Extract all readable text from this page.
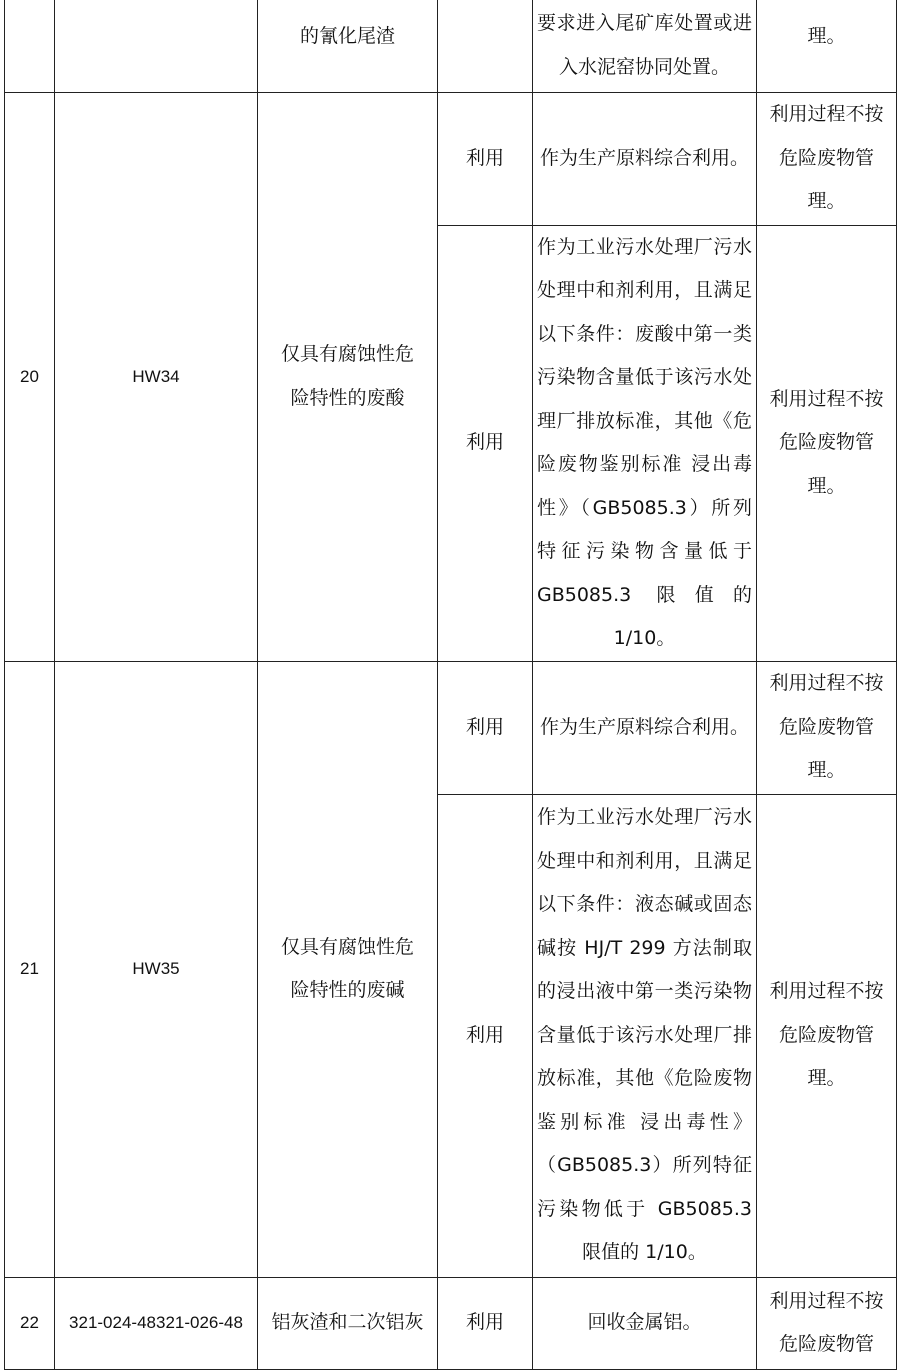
		的氰化尾渣		要求进入尾矿库处置或进入水泥窑协同处置。	理。
20	HW34	仅具有腐蚀性危险特性的废酸	利用	作为生产原料综合利用。	利用过程不按危险废物管理。
			利用	作为工业污水处理厂污水处理中和剂利用，且满足以下条件：废酸中第一类污染物含量低于该污水处理厂排放标准，其他《危险废物鉴别标准 浸出毒性》（GB5085.3）所列特征污染物含量低于GB5085.3 限值的 1/10。	利用过程不按危险废物管理。
21	HW35	仅具有腐蚀性危险特性的废碱	利用	作为生产原料综合利用。	利用过程不按危险废物管理。
			利用	作为工业污水处理厂污水处理中和剂利用，且满足以下条件：液态碱或固态碱按 HJ/T 299 方法制取的浸出液中第一类污染物含量低于该污水处理厂排放标准，其他《危险废物鉴别标准 浸出毒性》（GB5085.3）所列特征污染物低于 GB5085.3 限值的 1/10。	利用过程不按危险废物管理。
22	321-024-48321-026-48	铝灰渣和二次铝灰	利用	回收金属铝。	利用过程不按危险废物管
